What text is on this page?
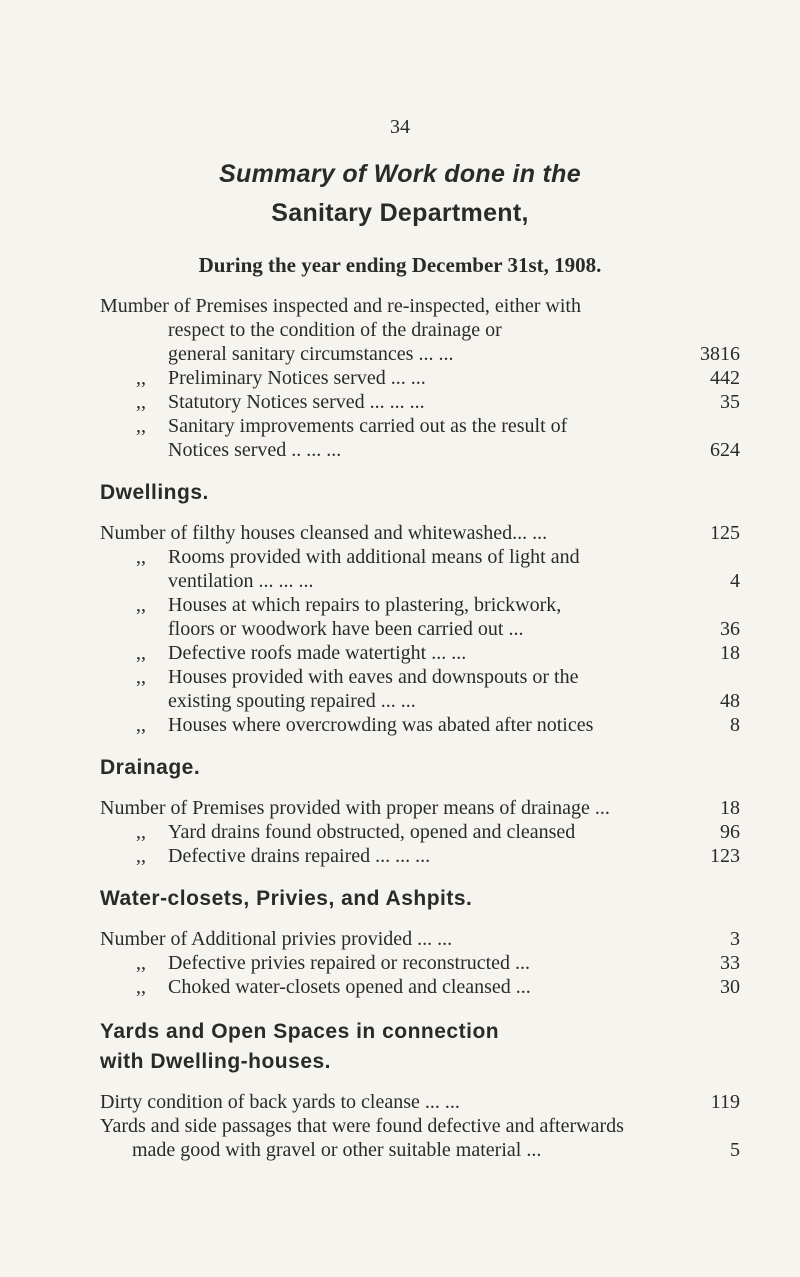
34
Summary of Work done in the
Sanitary Department,
During the year ending December 31st, 1908.
Mumber of Premises inspected and re-inspected, either with
respect to the condition of the drainage or
general sanitary circumstances ... ...	3816
,, Preliminary Notices served ... ...	442
,, Statutory Notices served ... ... ...	35
,, Sanitary improvements carried out as the result of
Notices served .. ... ...	624
Dwellings.
Number of filthy houses cleansed and whitewashed... ...	125
,, Rooms provided with additional means of light and
ventilation ... ... ...	4
,, Houses at which repairs to plastering, brickwork,
floors or woodwork have been carried out ...	36
,, Defective roofs made watertight ... ...	18
,, Houses provided with eaves and downspouts or the
existing spouting repaired ... ...	48
,, Houses where overcrowding was abated after notices	8
Drainage.
Number of Premises provided with proper means of drainage ...	18
,, Yard drains found obstructed, opened and cleansed	96
,, Defective drains repaired ... ... ...	123
Water-closets, Privies, and Ashpits.
Number of Additional privies provided ... ...	3
,, Defective privies repaired or reconstructed ...	33
,, Choked water-closets opened and cleansed ...	30
Yards and Open Spaces in connection
with Dwelling-houses.
Dirty condition of back yards to cleanse ... ...	119
Yards and side passages that were found defective and afterwards
made good with gravel or other suitable material ...	5
